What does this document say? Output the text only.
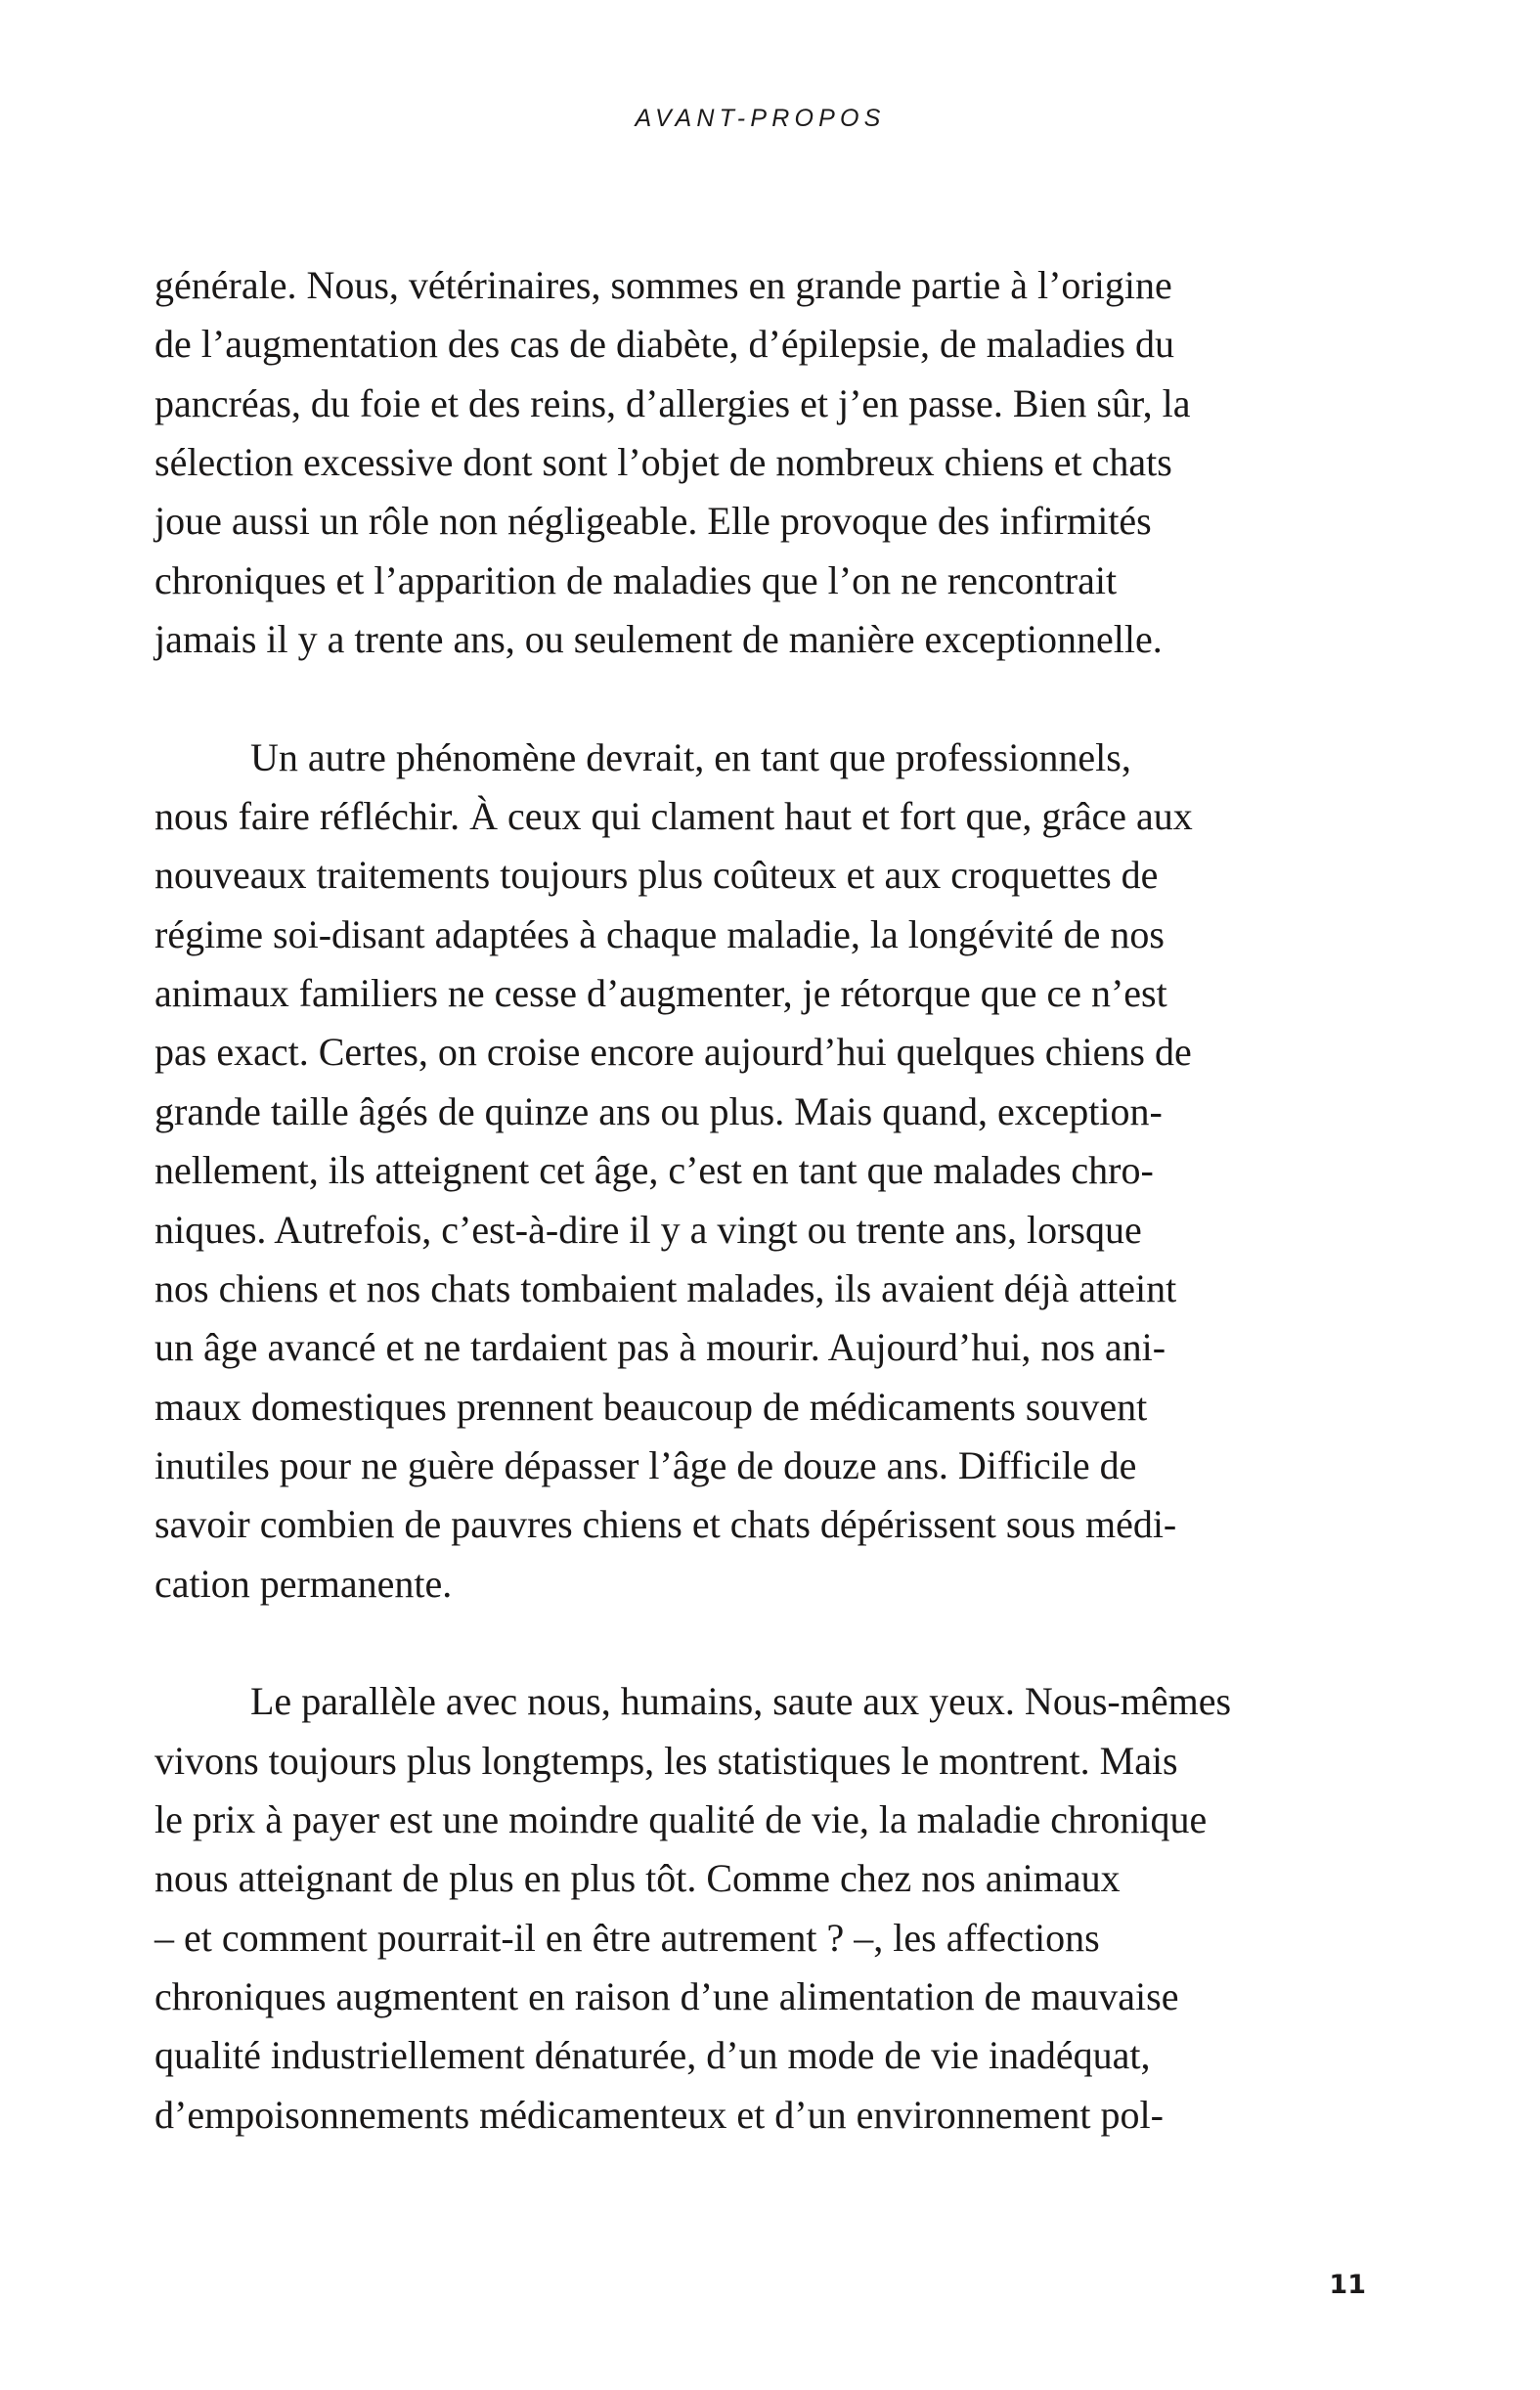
AVANT-PROPOS
générale. Nous, vétérinaires, sommes en grande partie à l’origine
de l’augmentation des cas de diabète, d’épilepsie, de maladies du
pancréas, du foie et des reins, d’allergies et j’en passe. Bien sûr, la
sélection excessive dont sont l’objet de nombreux chiens et chats
joue aussi un rôle non négligeable. Elle provoque des infirmités
chroniques et l’apparition de maladies que l’on ne rencontrait
jamais il y a trente ans, ou seulement de manière exceptionnelle.
Un autre phénomène devrait, en tant que professionnels,
nous faire réfléchir. À ceux qui clament haut et fort que, grâce aux
nouveaux traitements toujours plus coûteux et aux croquettes de
régime soi-disant adaptées à chaque maladie, la longévité de nos
animaux familiers ne cesse d’augmenter, je rétorque que ce n’est
pas exact. Certes, on croise encore aujourd’hui quelques chiens de
grande taille âgés de quinze ans ou plus. Mais quand, exception-
nellement, ils atteignent cet âge, c’est en tant que malades chro-
niques. Autrefois, c’est-à-dire il y a vingt ou trente ans, lorsque
nos chiens et nos chats tombaient malades, ils avaient déjà atteint
un âge avancé et ne tardaient pas à mourir. Aujourd’hui, nos ani-
maux domestiques prennent beaucoup de médicaments souvent
inutiles pour ne guère dépasser l’âge de douze ans. Difficile de
savoir combien de pauvres chiens et chats dépérissent sous médi-
cation permanente.
Le parallèle avec nous, humains, saute aux yeux. Nous-mêmes
vivons toujours plus longtemps, les statistiques le montrent. Mais
le prix à payer est une moindre qualité de vie, la maladie chronique
nous atteignant de plus en plus tôt. Comme chez nos animaux
– et comment pourrait-il en être autrement ? –, les affections
chroniques augmentent en raison d’une alimentation de mauvaise
qualité industriellement dénaturée, d’un mode de vie inadéquat,
d’empoisonnements médicamenteux et d’un environnement pol-
11
